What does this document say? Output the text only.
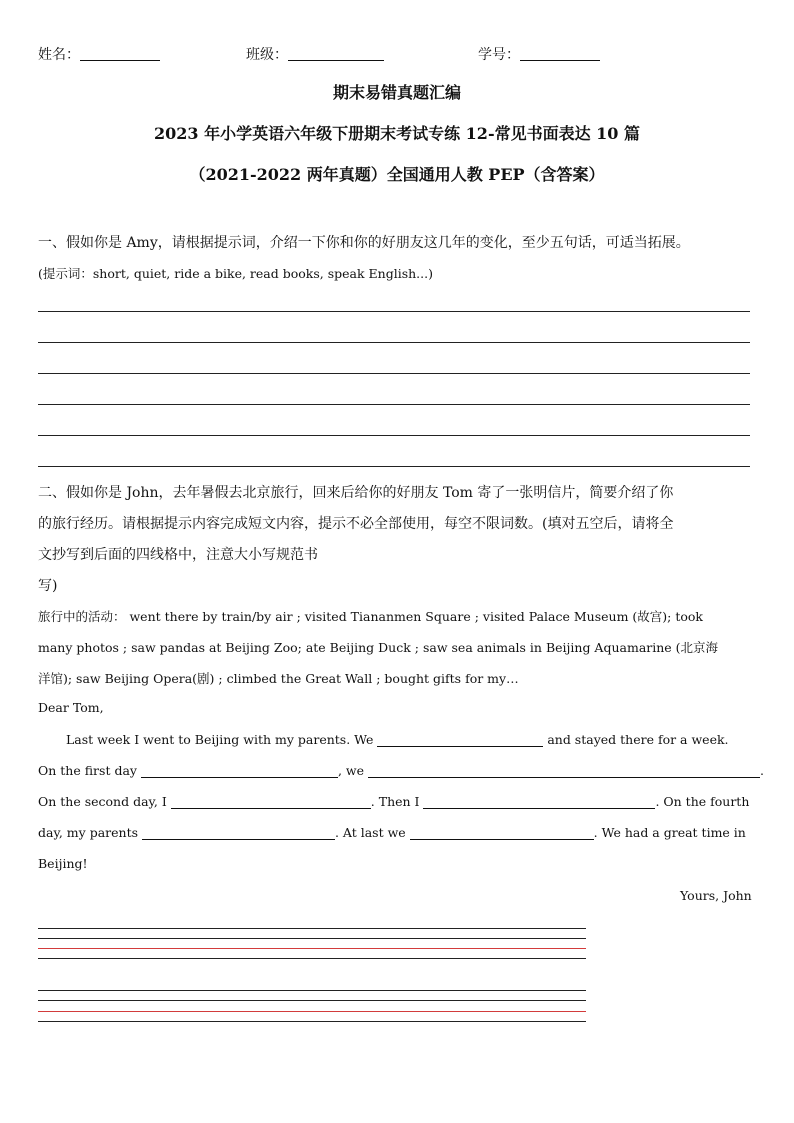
姓名：	班级：	学号：
期末易错真题汇编
2023 年小学英语六年级下册期末考试专练 12-常见书面表达 10 篇
（2021-2022 两年真题）全国通用人教 PEP（含答案）
一、假如你是 Amy，请根据提示词，介绍一下你和你的好朋友这几年的变化，至少五句话，可适当拓展。
(提示词：short, quiet, ride a bike, read books, speak English...)
二、假如你是 John，去年暑假去北京旅行，回来后给你的好朋友 Tom 寄了一张明信片，简要介绍了你
的旅行经历。请根据提示内容完成短文内容，提示不必全部使用，每空不限词数。(填对五空后，请将全
文抄写到后面的四线格中，注意大小写规范书
写)
旅行中的活动： went there by train/by air ; visited Tiananmen Square ; visited Palace Museum (故宫); took
many photos ; saw pandas at Beijing Zoo; ate Beijing Duck ; saw sea animals in Beijing Aquamarine (北京海
洋馆); saw Beijing Opera(剧) ; climbed the Great Wall ; bought gifts for my…
Dear Tom,
Last week I went to Beijing with my parents. We	and stayed there for a week.
On the first day	, we	.
On the second day, I	. Then I	. On the fourth
day, my parents	. At last we	. We had a great time in
Beijing!
Yours, John
